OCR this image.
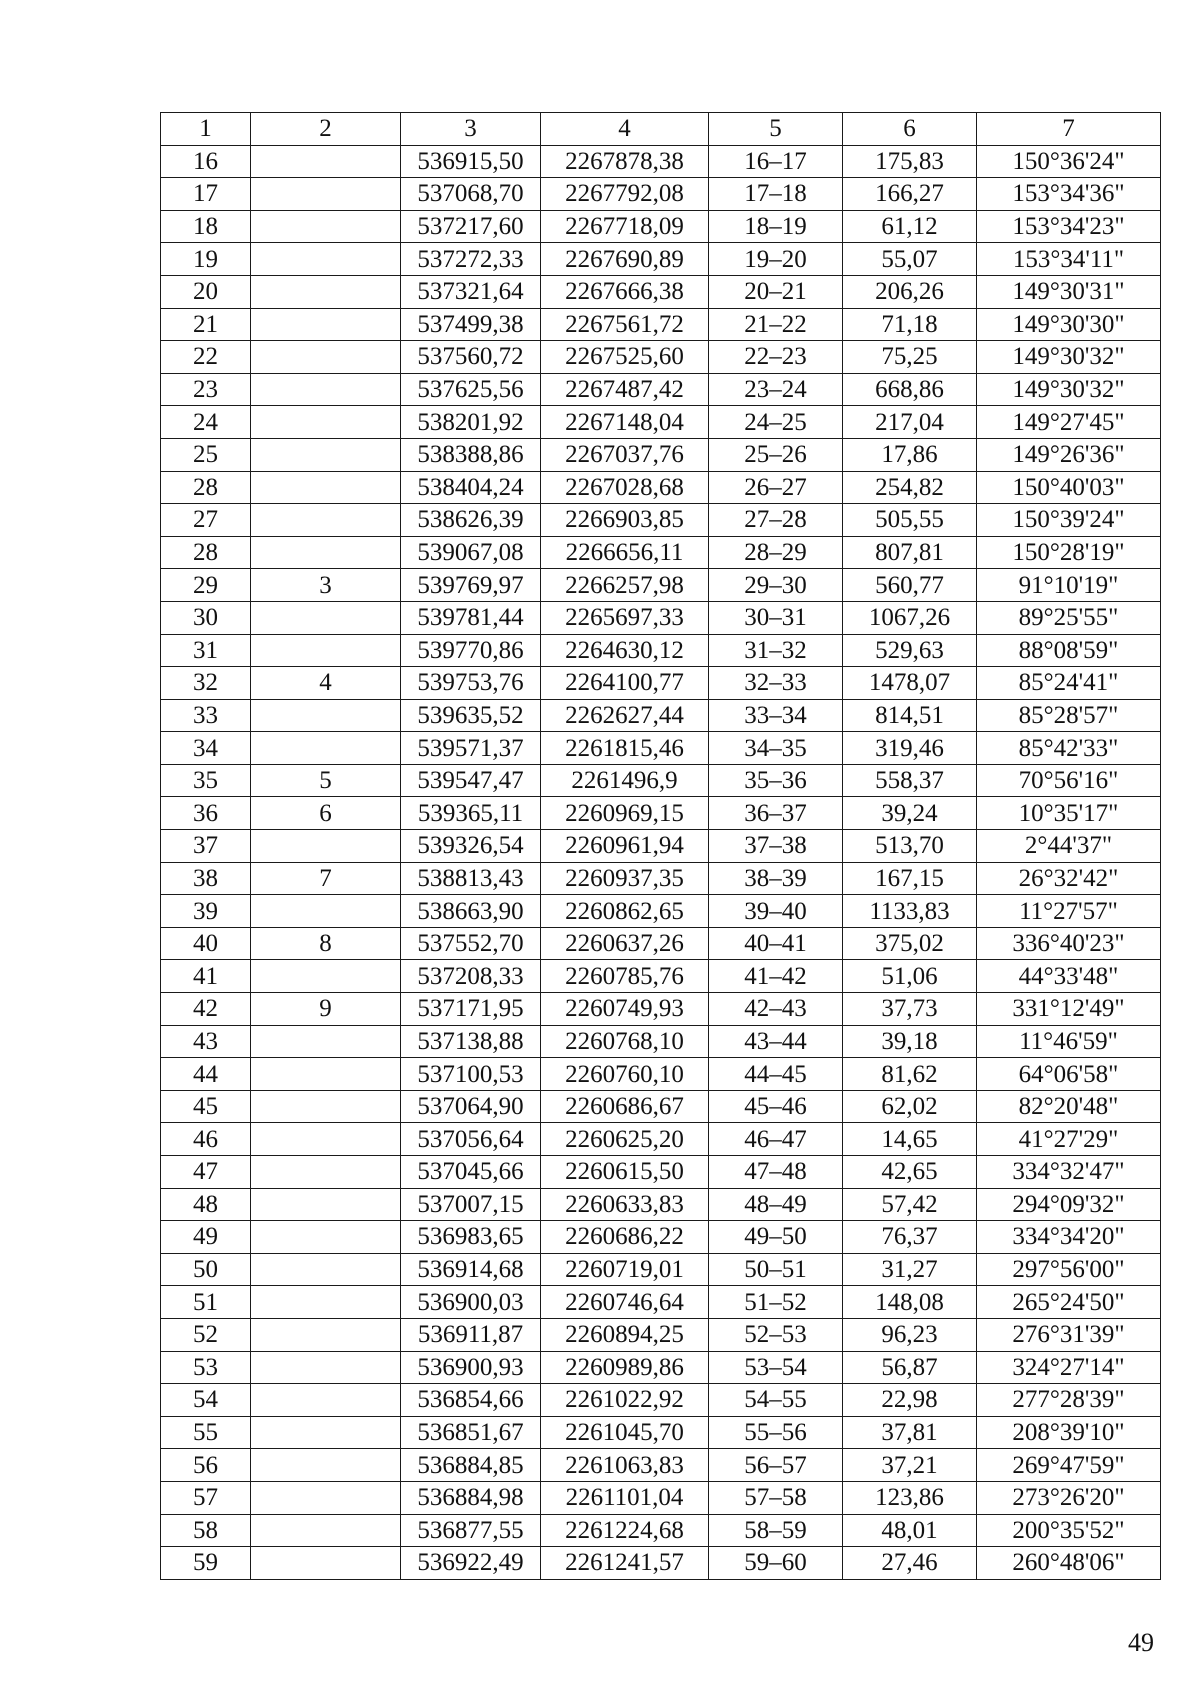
1	2	3	4	5	6	7
16		536915,50	2267878,38	16–17	175,83	150°36'24"
17		537068,70	2267792,08	17–18	166,27	153°34'36"
18		537217,60	2267718,09	18–19	61,12	153°34'23"
19		537272,33	2267690,89	19–20	55,07	153°34'11"
20		537321,64	2267666,38	20–21	206,26	149°30'31"
21		537499,38	2267561,72	21–22	71,18	149°30'30"
22		537560,72	2267525,60	22–23	75,25	149°30'32"
23		537625,56	2267487,42	23–24	668,86	149°30'32"
24		538201,92	2267148,04	24–25	217,04	149°27'45"
25		538388,86	2267037,76	25–26	17,86	149°26'36"
28		538404,24	2267028,68	26–27	254,82	150°40'03"
27		538626,39	2266903,85	27–28	505,55	150°39'24"
28		539067,08	2266656,11	28–29	807,81	150°28'19"
29	3	539769,97	2266257,98	29–30	560,77	91°10'19"
30		539781,44	2265697,33	30–31	1067,26	89°25'55"
31		539770,86	2264630,12	31–32	529,63	88°08'59"
32	4	539753,76	2264100,77	32–33	1478,07	85°24'41"
33		539635,52	2262627,44	33–34	814,51	85°28'57"
34		539571,37	2261815,46	34–35	319,46	85°42'33"
35	5	539547,47	2261496,9	35–36	558,37	70°56'16"
36	6	539365,11	2260969,15	36–37	39,24	10°35'17"
37		539326,54	2260961,94	37–38	513,70	2°44'37"
38	7	538813,43	2260937,35	38–39	167,15	26°32'42"
39		538663,90	2260862,65	39–40	1133,83	11°27'57"
40	8	537552,70	2260637,26	40–41	375,02	336°40'23"
41		537208,33	2260785,76	41–42	51,06	44°33'48"
42	9	537171,95	2260749,93	42–43	37,73	331°12'49"
43		537138,88	2260768,10	43–44	39,18	11°46'59"
44		537100,53	2260760,10	44–45	81,62	64°06'58"
45		537064,90	2260686,67	45–46	62,02	82°20'48"
46		537056,64	2260625,20	46–47	14,65	41°27'29"
47		537045,66	2260615,50	47–48	42,65	334°32'47"
48		537007,15	2260633,83	48–49	57,42	294°09'32"
49		536983,65	2260686,22	49–50	76,37	334°34'20"
50		536914,68	2260719,01	50–51	31,27	297°56'00"
51		536900,03	2260746,64	51–52	148,08	265°24'50"
52		536911,87	2260894,25	52–53	96,23	276°31'39"
53		536900,93	2260989,86	53–54	56,87	324°27'14"
54		536854,66	2261022,92	54–55	22,98	277°28'39"
55		536851,67	2261045,70	55–56	37,81	208°39'10"
56		536884,85	2261063,83	56–57	37,21	269°47'59"
57		536884,98	2261101,04	57–58	123,86	273°26'20"
58		536877,55	2261224,68	58–59	48,01	200°35'52"
59		536922,49	2261241,57	59–60	27,46	260°48'06"
49
